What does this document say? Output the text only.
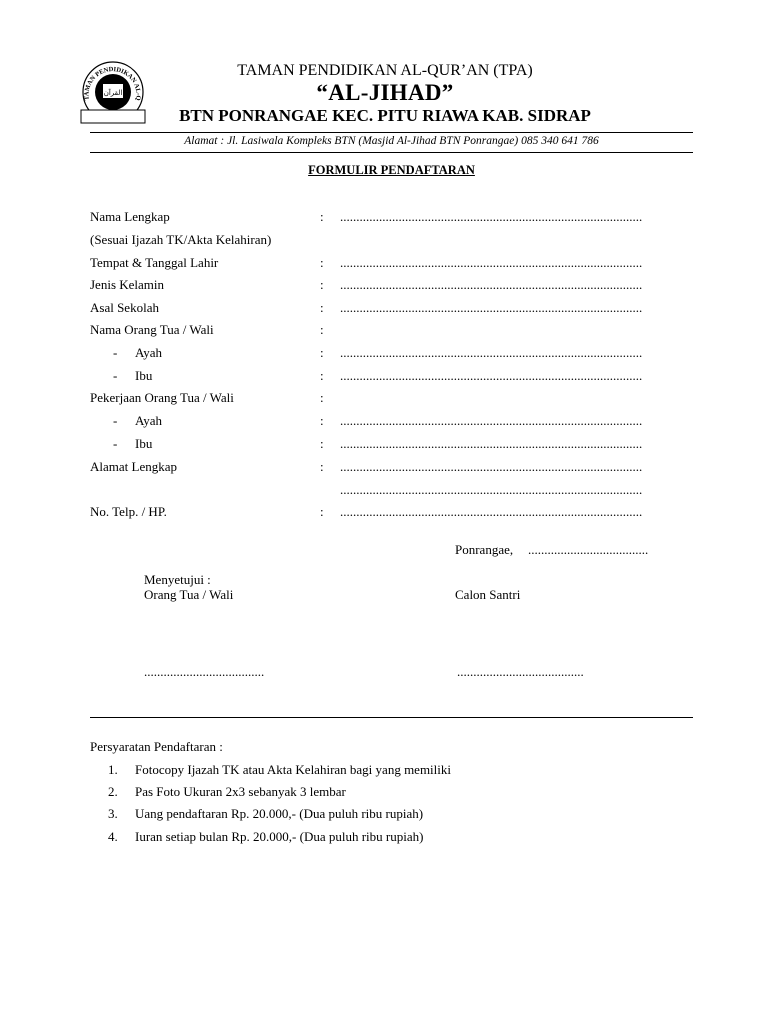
القرآن
TAMAN PENDIDIKAN AL-Q
TAMAN PENDIDIKAN AL-QUR’AN (TPA)
“AL-JIHAD”
BTN PONRANGAE KEC. PITU RIAWA KAB. SIDRAP
Alamat : Jl. Lasiwala Kompleks BTN (Masjid Al-Jihad BTN Ponrangae) 085 340 641 786
FORMULIR PENDAFTARAN
Nama Lengkap	: .............................................................................................
(Sesuai Ijazah TK/Akta Kelahiran)
Tempat & Tanggal Lahir	: .............................................................................................
Jenis Kelamin	: .............................................................................................
Asal Sekolah	: .............................................................................................
Nama Orang Tua / Wali	:
- Ayah	: .............................................................................................
- Ibu	: .............................................................................................
Pekerjaan Orang Tua / Wali	:
- Ayah	: .............................................................................................
- Ibu	: .............................................................................................
Alamat Lengkap	: .............................................................................................
.............................................................................................
No. Telp. / HP.	: .............................................................................................
Ponrangae, .....................................
Menyetujui :
Orang Tua / Wali	Calon Santri
.....................................	.......................................
Persyaratan Pendaftaran :
1. Fotocopy Ijazah TK atau Akta Kelahiran bagi yang memiliki
2. Pas Foto Ukuran 2x3 sebanyak 3 lembar
3. Uang pendaftaran Rp. 20.000,- (Dua puluh ribu rupiah)
4. Iuran setiap bulan Rp. 20.000,- (Dua puluh ribu rupiah)
